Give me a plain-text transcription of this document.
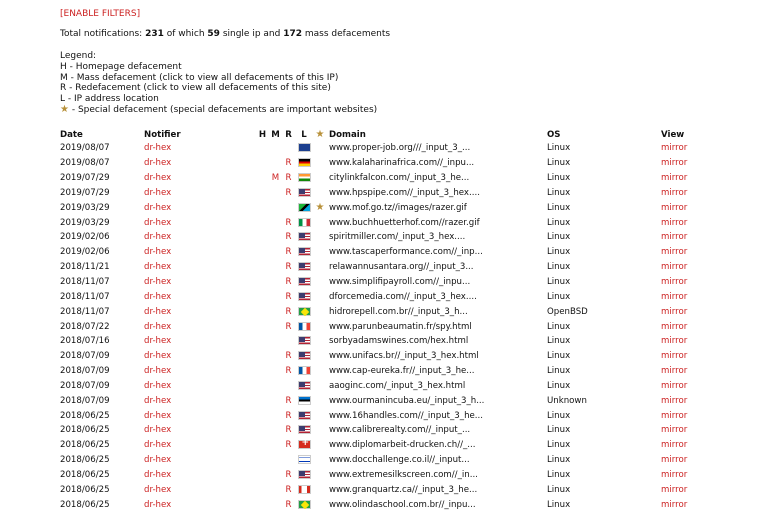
[ENABLE FILTERS]
Total notifications: 231 of which 59 single ip and 172 mass defacements
Legend:
H - Homepage defacement
M - Mass defacement (click to view all defacements of this IP)
R - Redefacement (click to view all defacements of this site)
L - IP address location
★ - Special defacement (special defacements are important websites)
Date	Notifier	H	M	R	L	★	Domain	OS	View
2019/08/07	dr-hex						www.proper-job.org///_input_3_...	Linux	mirror
2019/08/07	dr-hex			R			www.kalaharinafrica.com//_inpu...	Linux	mirror
2019/07/29	dr-hex		M	R			citylinkfalcon.com/_input_3_he...	Linux	mirror
2019/07/29	dr-hex			R			www.hpspipe.com//_input_3_hex....	Linux	mirror
2019/03/29	dr-hex					★	www.mof.go.tz//images/razer.gif	Linux	mirror
2019/03/29	dr-hex			R			www.buchhuetterhof.com//razer.gif	Linux	mirror
2019/02/06	dr-hex			R			spiritmiller.com/_input_3_hex....	Linux	mirror
2019/02/06	dr-hex			R			www.tascaperformance.com//_inp...	Linux	mirror
2018/11/21	dr-hex			R			relawannusantara.org//_input_3...	Linux	mirror
2018/11/07	dr-hex			R			www.simplifipayroll.com//_inpu...	Linux	mirror
2018/11/07	dr-hex			R			dforcemedia.com//_input_3_hex....	Linux	mirror
2018/11/07	dr-hex			R			hidrorepell.com.br//_input_3_h...	OpenBSD	mirror
2018/07/22	dr-hex			R			www.parunbeaumatin.fr/spy.html	Linux	mirror
2018/07/16	dr-hex						sorbyadamswines.com/hex.html	Linux	mirror
2018/07/09	dr-hex			R			www.unifacs.br//_input_3_hex.html	Linux	mirror
2018/07/09	dr-hex			R			www.cap-eureka.fr//_input_3_he...	Linux	mirror
2018/07/09	dr-hex						aaoginc.com/_input_3_hex.html	Linux	mirror
2018/07/09	dr-hex			R			www.ourmanincuba.eu/_input_3_h...	Unknown	mirror
2018/06/25	dr-hex			R			www.16handles.com//_input_3_he...	Linux	mirror
2018/06/25	dr-hex			R			www.calibrerealty.com//_input_...	Linux	mirror
2018/06/25	dr-hex			R	+		www.diplomarbeit-drucken.ch//_...	Linux	mirror
2018/06/25	dr-hex						www.docchallenge.co.il//_input...	Linux	mirror
2018/06/25	dr-hex			R			www.extremesilkscreen.com//_in...	Linux	mirror
2018/06/25	dr-hex			R			www.granquartz.ca//_input_3_he...	Linux	mirror
2018/06/25	dr-hex			R			www.olindaschool.com.br//_inpu...	Linux	mirror
